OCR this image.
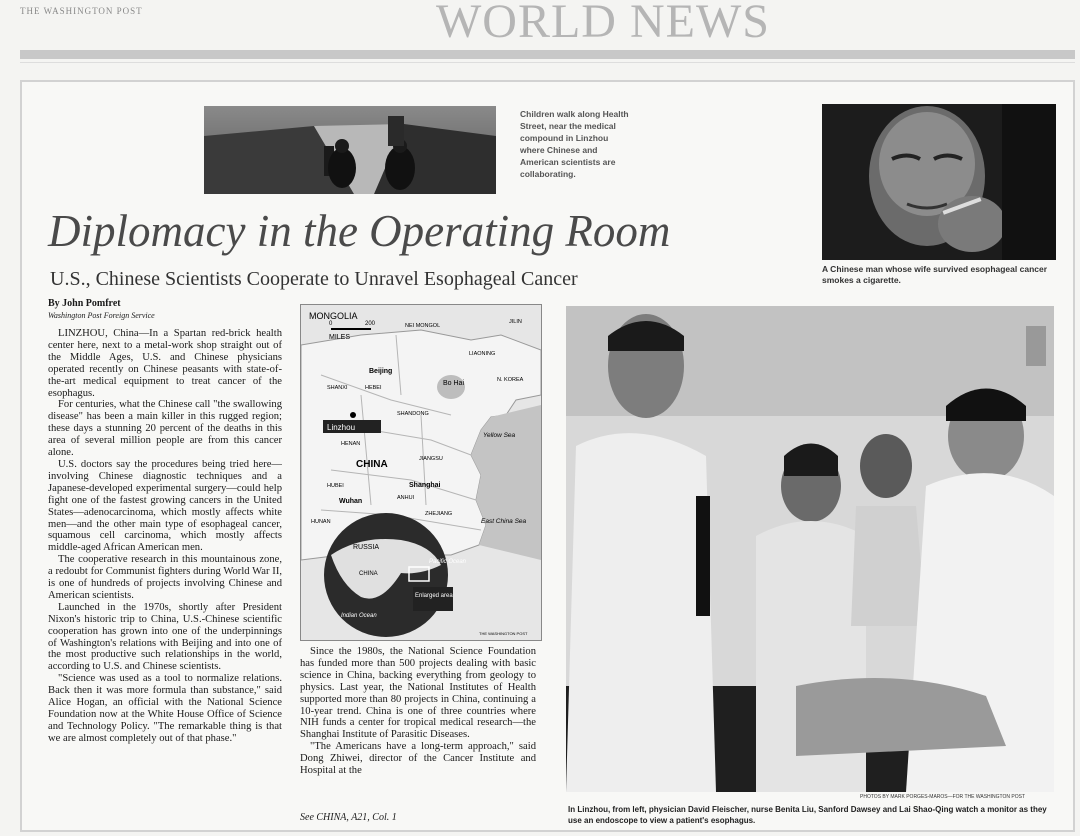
THE WASHINGTON POST	WORLD NEWS
Children walk along Health Street, near the medical compound in Linzhou where Chinese and American scientists are collaborating.
A Chinese man whose wife survived esophageal cancer smokes a cigarette.
Diplomacy in the Operating Room
U.S., Chinese Scientists Cooperate to Unravel Esophageal Cancer
By John Pomfret
Washington Post Foreign Service

LINZHOU, China—In a Spartan red-brick health center here, next to a metal-work shop straight out of the Middle Ages, U.S. and Chinese physicians operated recently on Chinese peasants with state-of-the-art medical equipment to treat cancer of the esophagus.

For centuries, what the Chinese call "the swallowing disease" has been a main killer in this rugged region; these days a stunning 20 percent of the deaths in this area of several million people are from this cancer alone.

U.S. doctors say the procedures being tried here—involving Chinese diagnostic techniques and a Japanese-developed experimental surgery—could help fight one of the fastest growing cancers in the United States—adenocarcinoma, which mostly affects white men—and the other main type of esophageal cancer, squamous cell carcinoma, which mostly affects middle-aged African American men.

The cooperative research in this mountainous zone, a redoubt for Communist fighters during World War II, is one of hundreds of projects involving Chinese and American scientists.

Launched in the 1970s, shortly after President Nixon's historic trip to China, U.S.-Chinese scientific cooperation has grown into one of the underpinnings of Washington's relations with Beijing and into one of the most productive such relationships in the world, according to U.S. and Chinese scientists.

"Science was used as a tool to normalize relations. Back then it was more formula than substance," said Alice Hogan, an official with the National Science Foundation now at the White House Office of Science and Technology Policy. "The remarkable thing is that we are almost completely out of that phase."

MONGOLIA
MILES
0	200	NEI MONGOL
JILIN
LIAONING
Beijing
SHANXI	HEBEI
Bo Hai	N. KOREA
Linzhou
SHANDONG
HENAN
Yellow Sea
CHINA	JIANGSU
HUBEI	Shanghai
Wuhan	ANHUI
ZHEJIANG
HUNAN	East China Sea
RUSSIA
CHINA
Pacific Ocean
Indian Ocean
Enlarged area
THE WASHINGTON POST

Since the 1980s, the National Science Foundation has funded more than 500 projects dealing with basic science in China, backing everything from geology to physics. Last year, the National Institutes of Health supported more than 80 projects in China, continuing a 10-year trend. China is one of three countries where NIH funds a center for tropical medical research—the Shanghai Institute of Parasitic Diseases.

"The Americans have a long-term approach," said Dong Zhiwei, director of the Cancer Institute and Hospital at the

See CHINA, A21, Col. 1
PHOTOS BY MARK PORGES-MAROS—FOR THE WASHINGTON POST
In Linzhou, from left, physician David Fleischer, nurse Benita Liu, Sanford Dawsey and Lai Shao-Qing watch a monitor as they use an endoscope to view a patient's esophagus.
